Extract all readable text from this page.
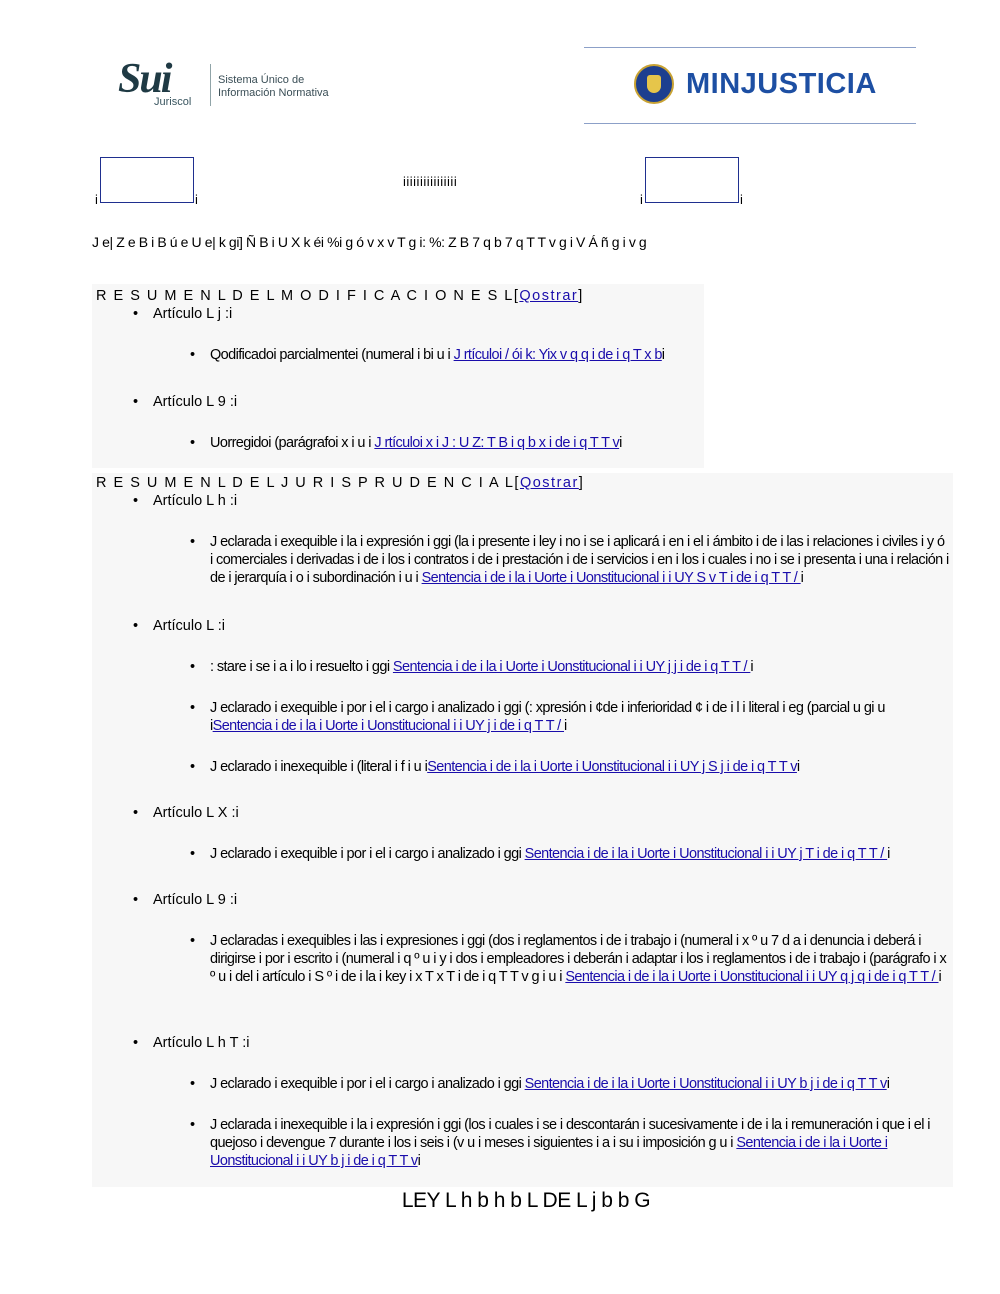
Sui
Juriscol
Sistema Único de
Información Normativa	MINJUSTICIA
i	i
iiiiiiiiiiiiiiii
i	i
J e| Z e B i B ú e U e| k gi] Ñ B i U X k éi %i g ó v x v T g i: %: Z B 7 q b 7 q T T v g i V Á ñ g i v g
R E S U M E N L D E L M O D I F I C A C I O N E S L[Qostrar]
• Artículo L j :i
• Qodificadoi parcialmentei (numeral i bi u i J rtículoi / ói k: Yix v q q i de i q T x bi
• Artículo L 9 :i
• Uorregidoi (parágrafoi x i u i J rtículoi x i J : U Z: T B i q b x i de i q T T vi
R E S U M E N L D E L J U R I S P R U D E N C I A L[Qostrar]
• Artículo L h :i
• J eclarada i exequible i la i expresión i ggi (la i presente i ley i no i se i aplicará i en i el i ámbito i de i las i relaciones i civiles i y ó i comerciales i derivadas i de i los i contratos i de i prestación i de i servicios i en i los i cuales i no i se i presenta i una i relación i de i jerarquía i o i subordinación i u i Sentencia i de i la i Uorte i Uonstitucional i i UY S v T i de i q T T / i
• Artículo L :i
• : stare i se i a i lo i resuelto i ggi Sentencia i de i la i Uorte i Uonstitucional i i UY j j i de i q T T / i
• J eclarado i exequible i por i el i cargo i analizado i ggi (: xpresión i ¢de i inferioridad ¢ i de i l i literal i eg (parcial u gi u iSentencia i de i la i Uorte i Uonstitucional i i UY j i de i q T T / i
• J eclarado i inexequible i (literal i f i u iSentencia i de i la i Uorte i Uonstitucional i i UY j S j i de i q T T vi
• Artículo L X :i
• J eclarado i exequible i por i el i cargo i analizado i ggi Sentencia i de i la i Uorte i Uonstitucional i i UY j T i de i q T T / i
• Artículo L 9 :i
• J eclaradas i exequibles i las i expresiones i ggi (dos i reglamentos i de i trabajo i (numeral i x º u 7 d a i denuncia i deberá i dirigirse i por i escrito i (numeral i q º u i y i dos i empleadores i deberán i adaptar i los i reglamentos i de i trabajo i (parágrafo i x º u i del i artículo i S º i de i la i key i x T x T i de i q T T v g i u i Sentencia i de i la i Uorte i Uonstitucional i i UY q j q i de i q T T / i
• Artículo L h T :i
• J eclarado i exequible i por i el i cargo i analizado i ggi Sentencia i de i la i Uorte i Uonstitucional i i UY b j i de i q T T vi
• J eclarada i inexequible i la i expresión i ggi (los i cuales i se i descontarán i sucesivamente i de i la i remuneración i que i el i quejoso i devengue 7 durante i los i seis i (v u i meses i siguientes i a i su i imposición g u i Sentencia i de i la i Uorte i Uonstitucional i i UY b j i de i q T T vi
LEY L h b h b L DE L j b b G
